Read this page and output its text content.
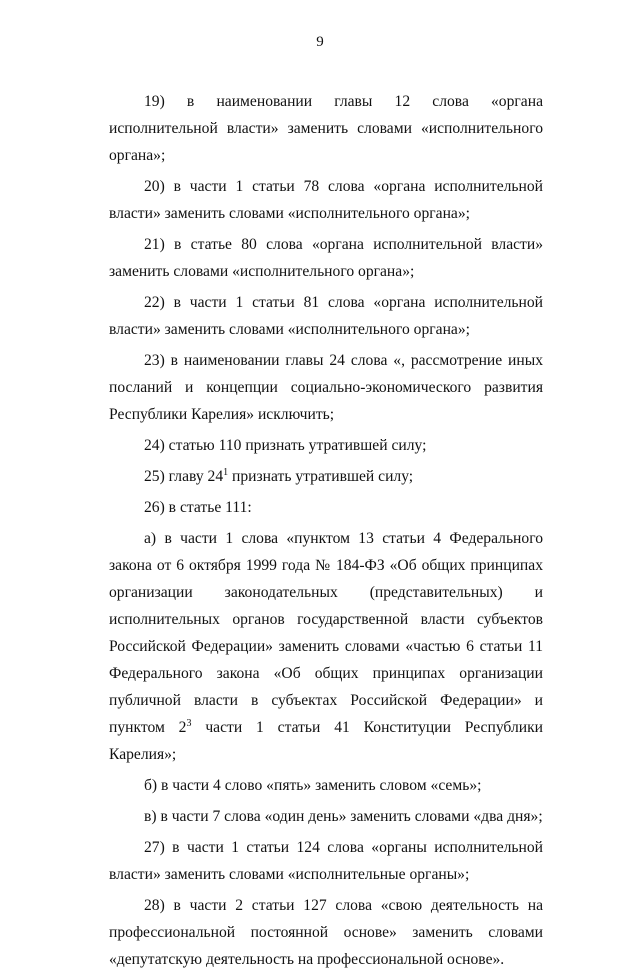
9

19) в наименовании главы 12 слова «органа исполнительной власти» заменить словами «исполнительного органа»;

20) в части 1 статьи 78 слова «органа исполнительной власти» заменить словами «исполнительного органа»;

21) в статье 80 слова «органа исполнительной власти» заменить словами «исполнительного органа»;

22) в части 1 статьи 81 слова «органа исполнительной власти» заменить словами «исполнительного органа»;

23) в наименовании главы 24 слова «, рассмотрение иных посланий и концепции социально-экономического развития Республики Карелия» исключить;

24) статью 110 признать утратившей силу;

25) главу $24^1$ признать утратившей силу;

26) в статье 111:

а) в части 1 слова «пунктом 13 статьи 4 Федерального закона от 6 октября 1999 года № 184-ФЗ «Об общих принципах организации законодательных (представительных) и исполнительных органов государственной власти субъектов Российской Федерации» заменить словами «частью 6 статьи 11 Федерального закона «Об общих принципах организации публичной власти в субъектах Российской Федерации» и пунктом $2^3$ части 1 статьи 41 Конституции Республики Карелия»;

б) в части 4 слово «пять» заменить словом «семь»;

в) в части 7 слова «один день» заменить словами «два дня»;

27) в части 1 статьи 124 слова «органы исполнительной власти» заменить словами «исполнительные органы»;

28) в части 2 статьи 127 слова «свою деятельность на профессиональной постоянной основе» заменить словами «депутатскую деятельность на профессиональной основе».
